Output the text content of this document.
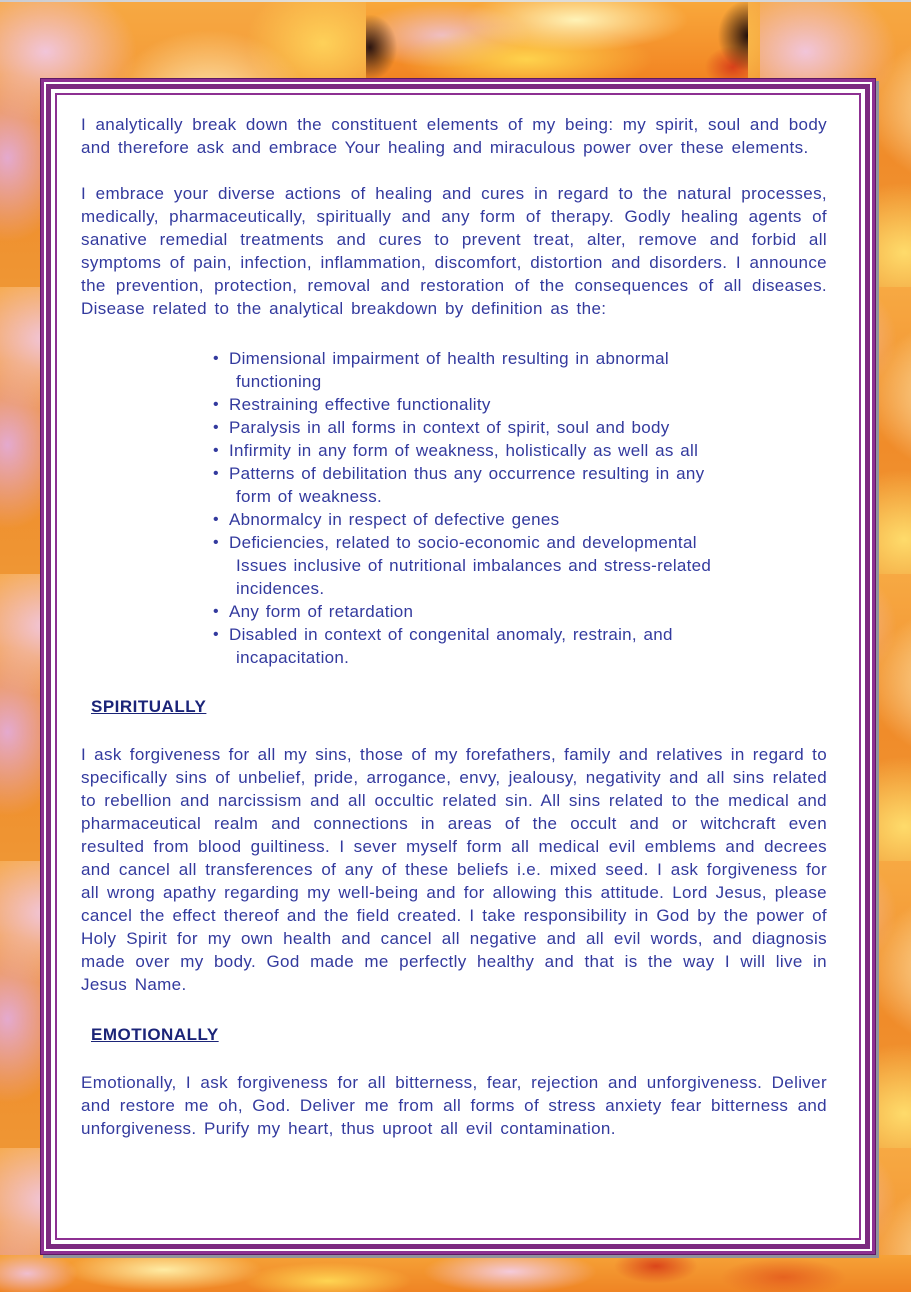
I analytically break down the constituent elements of my being: my spirit, soul and body and therefore ask and embrace Your healing and miraculous power over these elements.

I embrace your diverse actions of healing and cures in regard to the natural processes, medically, pharmaceutically, spiritually and any form of therapy. Godly healing agents of sanative remedial treatments and cures to prevent treat, alter, remove and forbid all symptoms of pain, infection, inflammation, discomfort, distortion and disorders. I announce the prevention, protection, removal and restoration of the consequences of all diseases. Disease related to the analytical breakdown by definition as the:

• Dimensional impairment of health resulting in abnormal functioning
• Restraining effective functionality
• Paralysis in all forms in context of spirit, soul and body
• Infirmity in any form of weakness, holistically as well as all
• Patterns of debilitation thus any occurrence resulting in any form of weakness.
• Abnormalcy in respect of defective genes
• Deficiencies, related to socio-economic and developmental Issues inclusive of nutritional imbalances and stress-related incidences.
• Any form of retardation
• Disabled in context of congenital anomaly, restrain, and incapacitation.
SPIRITUALLY

I ask forgiveness for all my sins, those of my forefathers, family and relatives in regard to specifically sins of unbelief, pride, arrogance, envy, jealousy, negativity and all sins related to rebellion and narcissism and all occultic related sin. All sins related to the medical and pharmaceutical realm and connections in areas of the occult and or witchcraft even resulted from blood guiltiness. I sever myself form all medical evil emblems and decrees and cancel all transferences of any of these beliefs i.e. mixed seed. I ask forgiveness for all wrong apathy regarding my well-being and for allowing this attitude. Lord Jesus, please cancel the effect thereof and the field created. I take responsibility in God by the power of Holy Spirit for my own health and cancel all negative and all evil words, and diagnosis made over my body. God made me perfectly healthy and that is the way I will live in Jesus Name.

EMOTIONALLY

Emotionally, I ask forgiveness for all bitterness, fear, rejection and unforgiveness. Deliver and restore me oh, God. Deliver me from all forms of stress anxiety fear bitterness and unforgiveness. Purify my heart, thus uproot all evil contamination.
